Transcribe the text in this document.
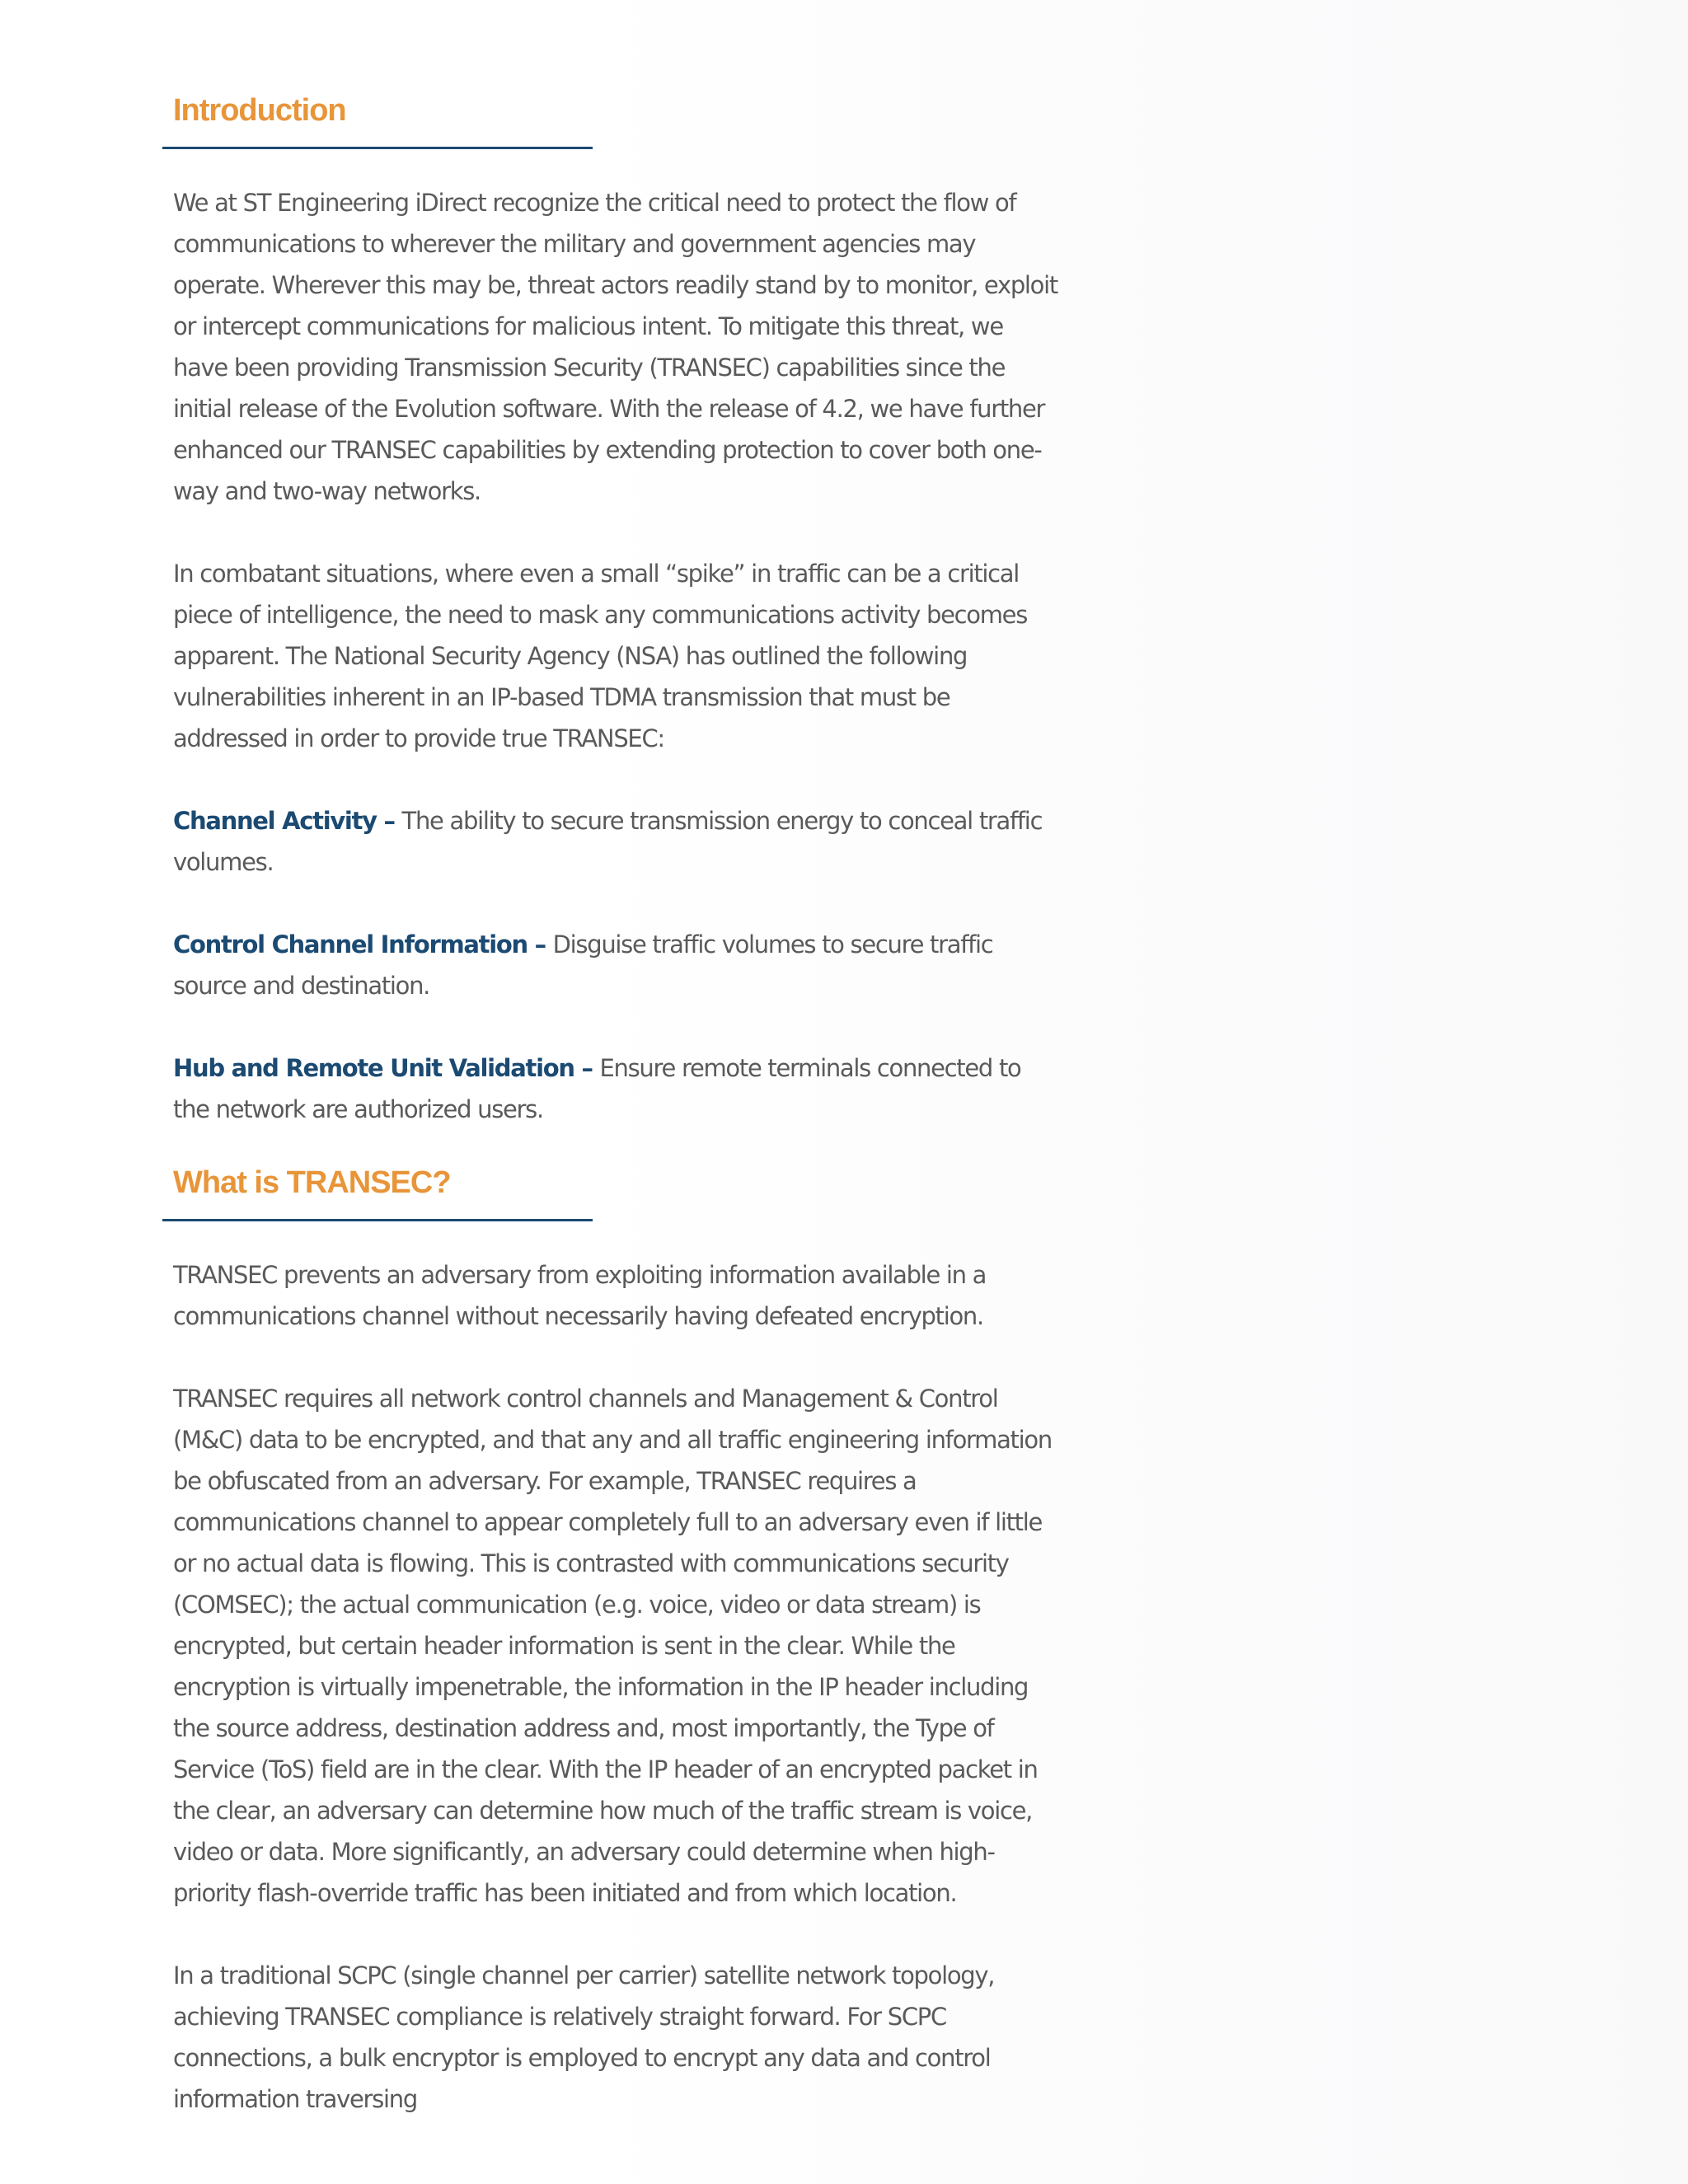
Introduction

We at ST Engineering iDirect recognize the critical need to protect the flow of communications to wherever the military and government agencies may operate. Wherever this may be, threat actors readily stand by to monitor, exploit or intercept communications for malicious intent. To mitigate this threat, we have been providing Transmission Security (TRANSEC) capabilities since the initial release of the Evolution software. With the release of 4.2, we have further enhanced our TRANSEC capabilities by extending protection to cover both one-way and two-way networks.

In combatant situations, where even a small “spike” in traffic can be a critical piece of intelligence, the need to mask any communications activity becomes apparent. The National Security Agency (NSA) has outlined the following vulnerabilities inherent in an IP-based TDMA transmission that must be addressed in order to provide true TRANSEC:

Channel Activity – The ability to secure transmission energy to conceal traffic volumes.

Control Channel Information – Disguise traffic volumes to secure traffic source and destination.

Hub and Remote Unit Validation – Ensure remote terminals connected to the network are authorized users.

What is TRANSEC?

TRANSEC prevents an adversary from exploiting information available in a communications channel without necessarily having defeated encryption.

TRANSEC requires all network control channels and Management & Control (M&C) data to be encrypted, and that any and all traffic engineering information be obfuscated from an adversary. For example, TRANSEC requires a communications channel to appear completely full to an adversary even if little or no actual data is flowing. This is contrasted with communications security (COMSEC); the actual communication (e.g. voice, video or data stream) is encrypted, but certain header information is sent in the clear. While the encryption is virtually impenetrable, the information in the IP header including the source address, destination address and, most importantly, the Type of Service (ToS) field are in the clear. With the IP header of an encrypted packet in the clear, an adversary can determine how much of the traffic stream is voice, video or data. More significantly, an adversary could determine when high-priority flash-override traffic has been initiated and from which location.

In a traditional SCPC (single channel per carrier) satellite network topology, achieving TRANSEC compliance is relatively straight forward. For SCPC connections, a bulk encryptor is employed to encrypt any data and control information traversing
